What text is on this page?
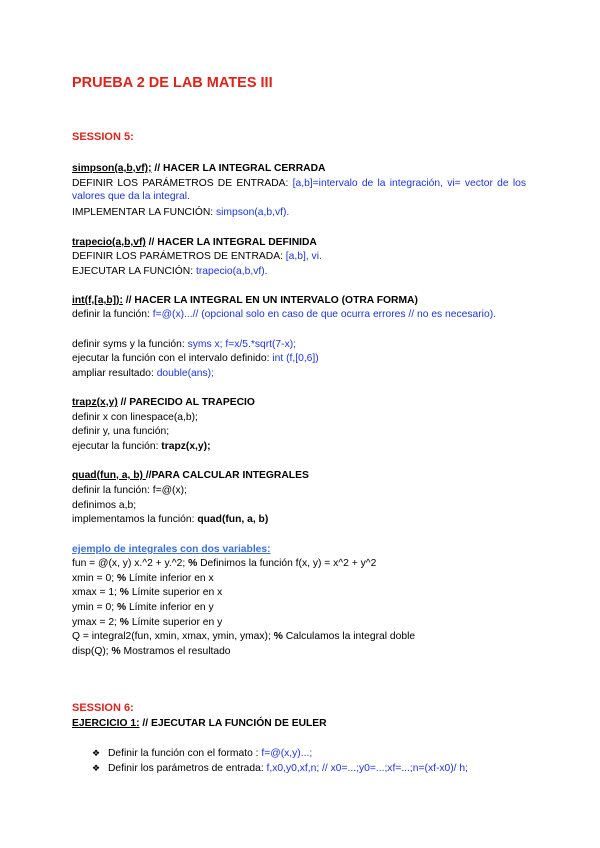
PRUEBA 2 DE LAB MATES III
SESSION 5:
simpson(a,b,vf); // HACER LA INTEGRAL CERRADA
DEFINIR LOS PARÁMETROS DE ENTRADA: [a,b]=intervalo de la integración, vi= vector de los valores que da la integral.
IMPLEMENTAR LA FUNCIÓN: simpson(a,b,vf).
trapecio(a,b,vf) // HACER LA INTEGRAL DEFINIDA
DEFINIR LOS PARÁMETROS DE ENTRADA: [a,b], vi.
EJECUTAR LA FUNCIÓN: trapecio(a,b,vf).
int(f,[a,b]): // HACER LA INTEGRAL EN UN INTERVALO (OTRA FORMA)
definir la función: f=@(x)...// (opcional solo en caso de que ocurra errores // no es necesario).
definir syms y la función: syms x; f=x/5.*sqrt(7-x);
ejecutar la función con el intervalo definido: int (f,[0,6])
ampliar resultado: double(ans);
trapz(x,y) // PARECIDO AL TRAPECIO
definir x con linespace(a,b);
definir y, una función;
ejecutar la función: trapz(x,y);
quad(fun, a, b) //PARA CALCULAR INTEGRALES
definir la función: f=@(x);
definimos a,b;
implementamos la función: quad(fun, a, b)
ejemplo de integrales con dos variables:
fun = @(x, y) x.^2 + y.^2; % Definimos la función f(x, y) = x^2 + y^2
xmin = 0; % Límite inferior en x
xmax = 1; % Límite superior en x
ymin = 0; % Límite inferior en y
ymax = 2; % Límite superior en y
Q = integral2(fun, xmin, xmax, ymin, ymax); % Calculamos la integral doble
disp(Q); % Mostramos el resultado
SESSION 6:
EJERCICIO 1: // EJECUTAR LA FUNCIÓN DE EULER
❖ Definir la función con el formato : f=@(x,y)...;
❖ Definir los parámetros de entrada: f,x0,y0,xf,n; // x0=...;y0=...;xf=...;n=(xf-x0)/ h;
